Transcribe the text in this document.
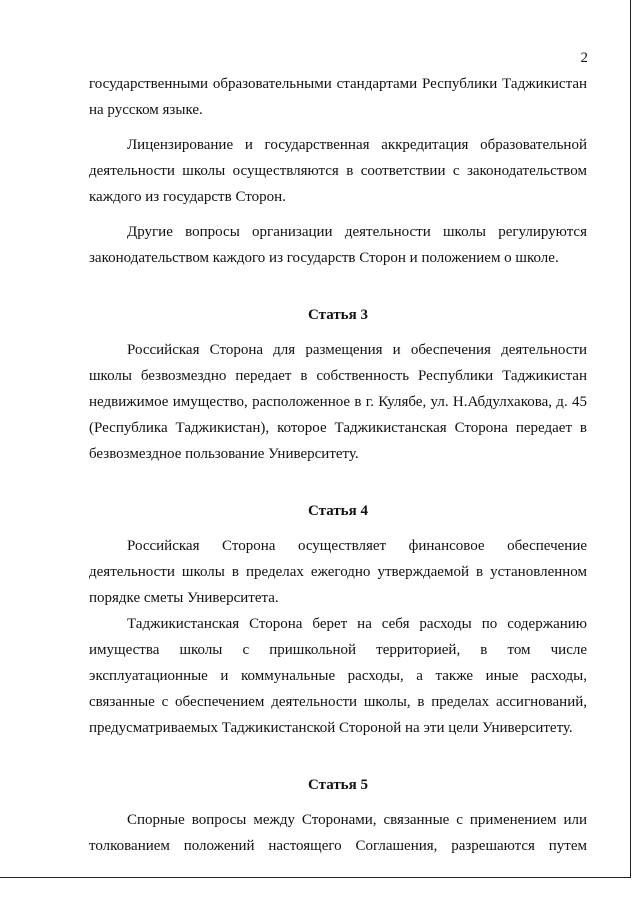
2

государственными образовательными стандартами Республики Таджикистан на русском языке.

Лицензирование и государственная аккредитация образовательной деятельности школы осуществляются в соответствии с законодательством каждого из государств Сторон.

Другие вопросы организации деятельности школы регулируются законодательством каждого из государств Сторон и положением о школе.

Статья 3

Российская Сторона для размещения и обеспечения деятельности школы безвозмездно передает в собственность Республики Таджикистан недвижимое имущество, расположенное в г. Кулябе, ул. Н.Абдулхакова, д. 45 (Республика Таджикистан), которое Таджикистанская Сторона передает в безвозмездное пользование Университету.

Статья 4

Российская Сторона осуществляет финансовое обеспечение деятельности школы в пределах ежегодно утверждаемой в установленном порядке сметы Университета.

Таджикистанская Сторона берет на себя расходы по содержанию имущества школы с пришкольной территорией, в том числе эксплуатационные и коммунальные расходы, а также иные расходы, связанные с обеспечением деятельности школы, в пределах ассигнований, предусматриваемых Таджикистанской Стороной на эти цели Университету.

Статья 5

Спорные вопросы между Сторонами, связанные с применением или

толкованием положений настоящего Соглашения, разрешаются путем
